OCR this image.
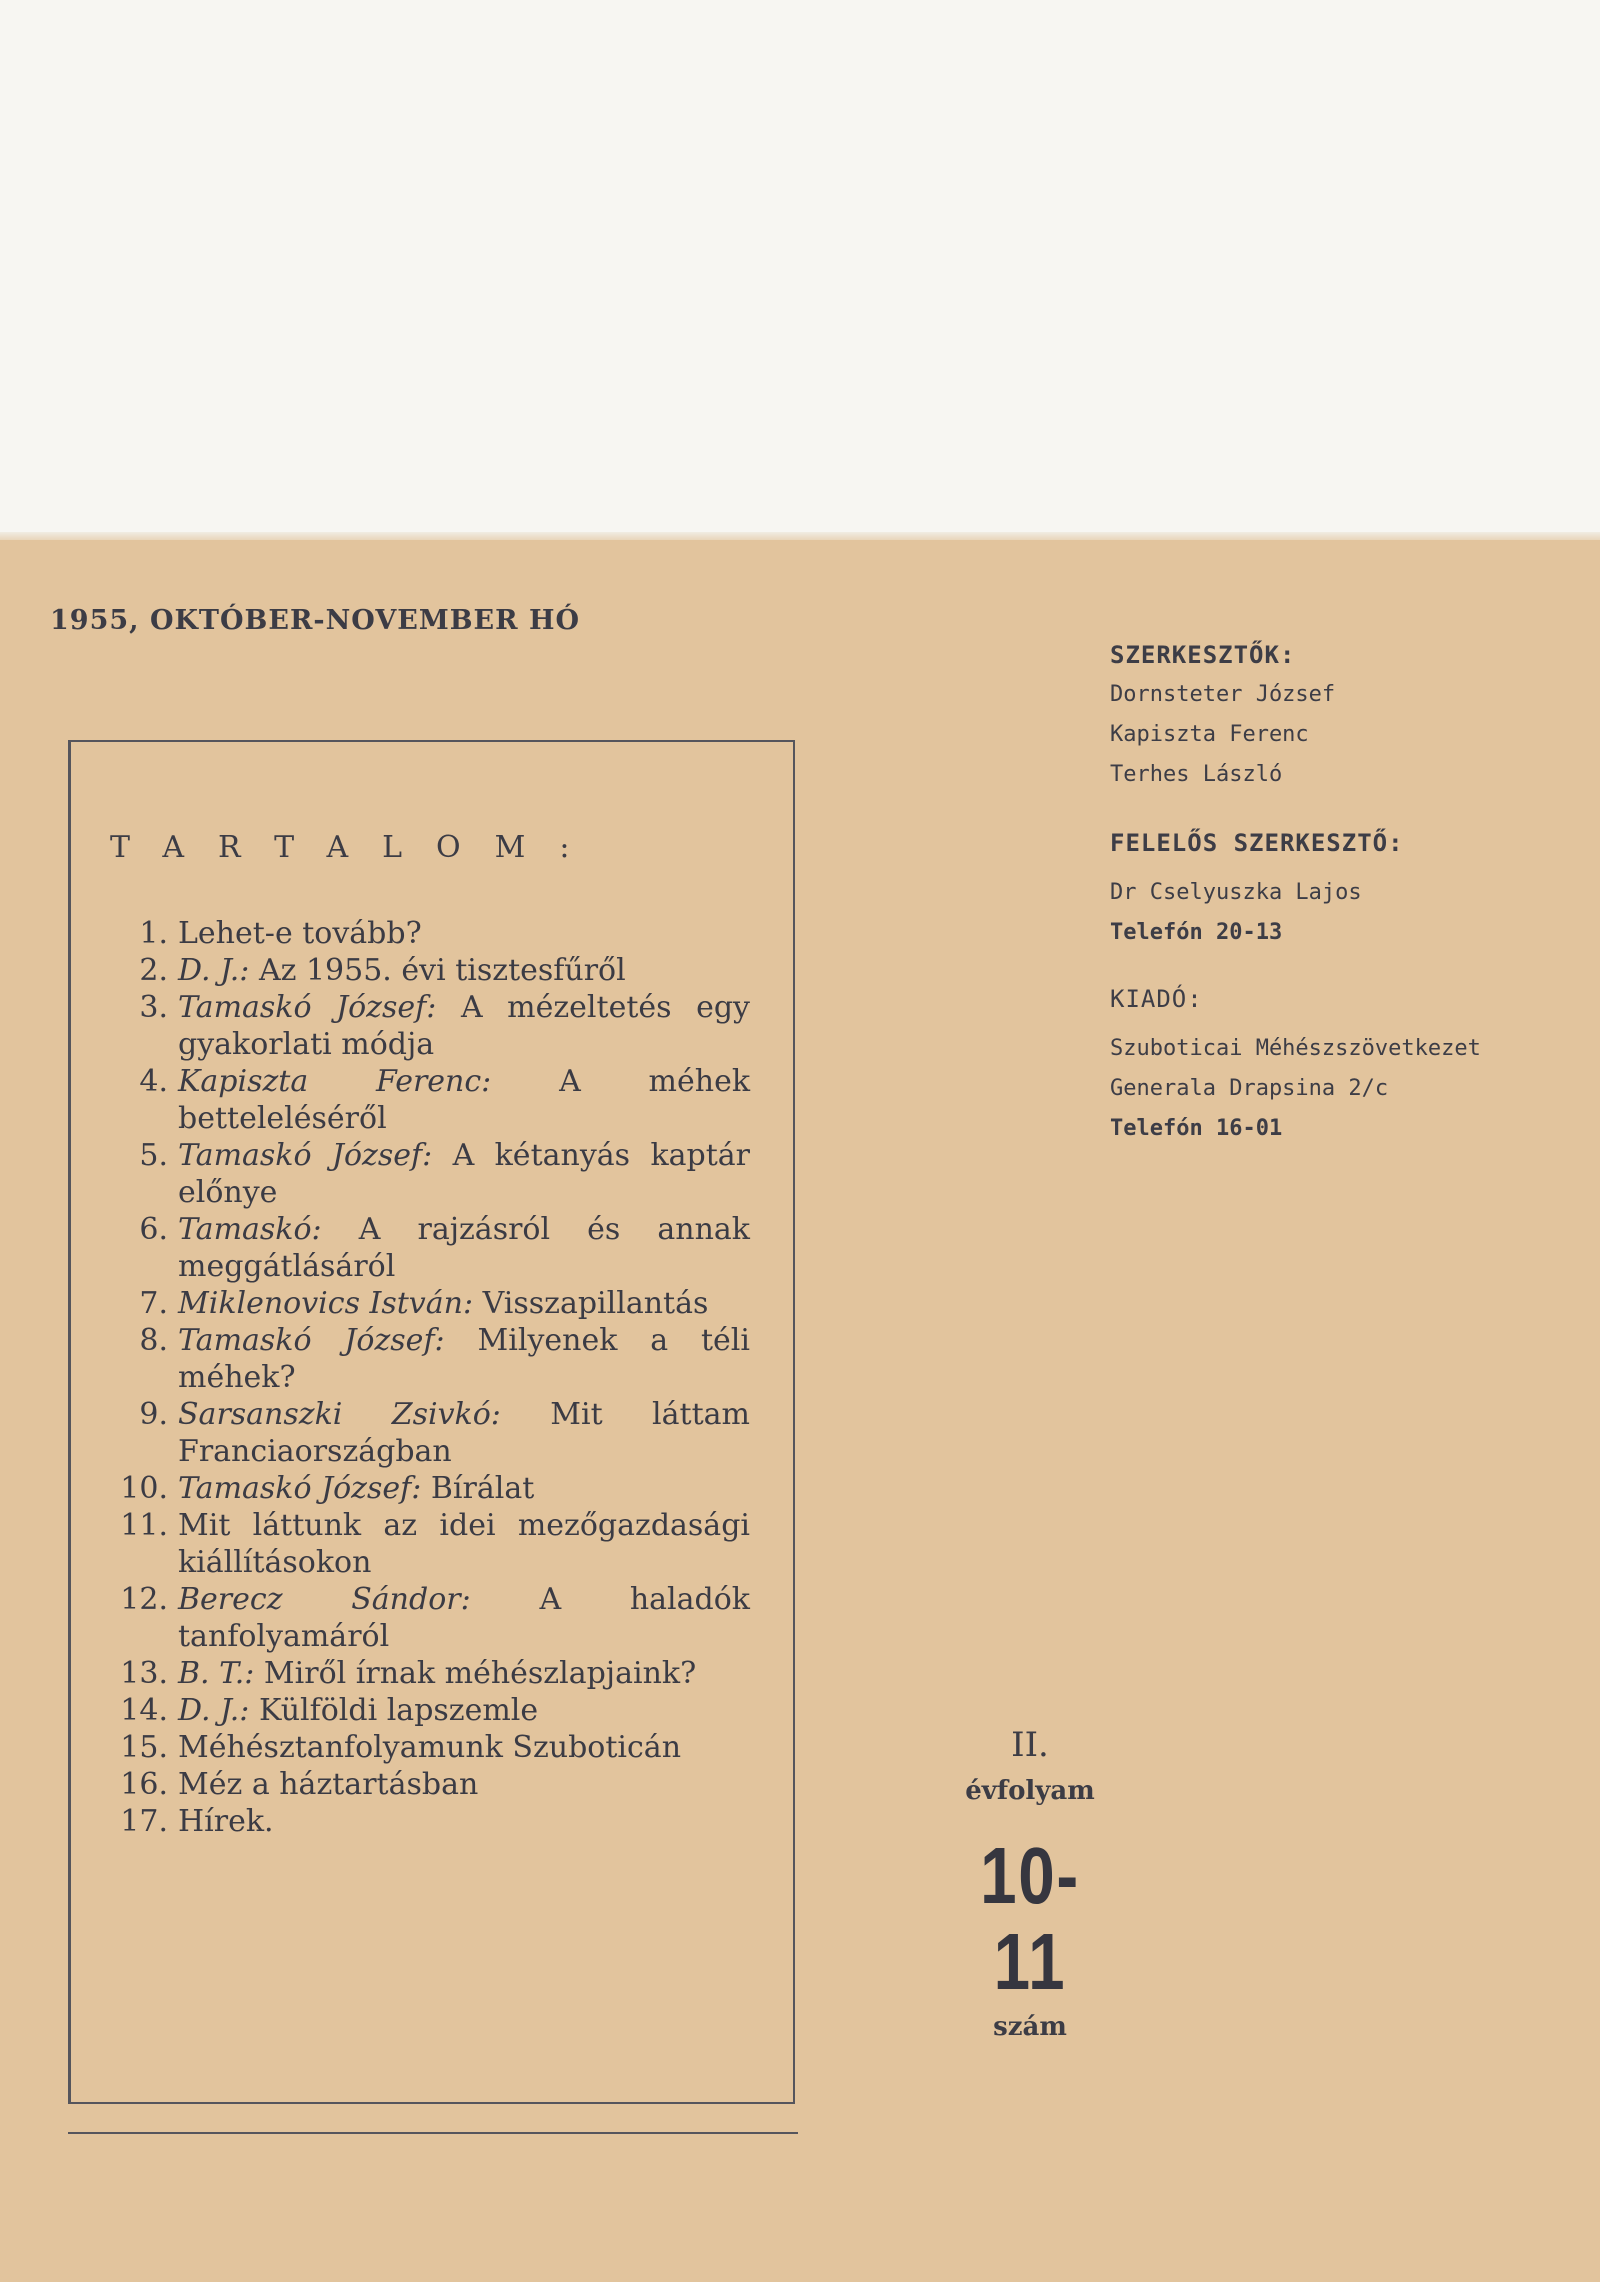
1955, OKTÓBER-NOVEMBER HÓ
TARTALOM:
1. Lehet-e tovább?
2. D. J.: Az 1955. évi tisztesfűről
3. Tamaskó József: A mézeltetés egy gyakorlati módja
4. Kapiszta Ferenc: A méhek betteleléséről
5. Tamaskó József: A kétanyás kaptár előnye
6. Tamaskó: A rajzásról és annak meggátlásáról
7. Miklenovics István: Visszapillantás
8. Tamaskó József: Milyenek a téli méhek?
9. Sarsanszki Zsivkó: Mit láttam Franciaországban
10. Tamaskó József: Bírálat
11. Mit láttunk az idei mezőgazdasági kiállításokon
12. Berecz Sándor: A haladók tanfolyamáról
13. B. T.: Miről írnak méhészlapjaink?
14. D. J.: Külföldi lapszemle
15. Méhésztanfolyamunk Szuboticán
16. Méz a háztartásban
17. Hírek.

SZERKESZTŐK:

Dornsteter József

Kapiszta Ferenc

Terhes László

FELELŐS SZERKESZTŐ:

Dr Cselyuszka Lajos

Telefón 20-13

KIADÓ:

Szuboticai Méhészszövetkezet

Generala Drapsina 2/c

Telefón 16-01

II.
évfolyam
10-11
szám
